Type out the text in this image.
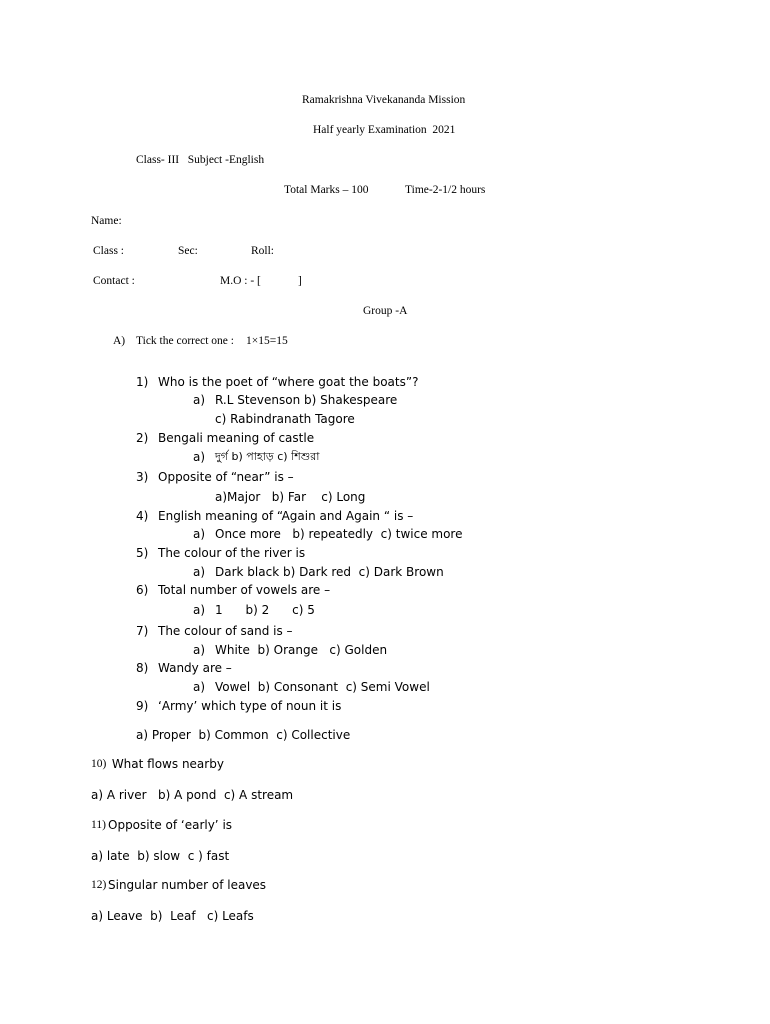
Ramakrishna Vivekananda Mission
Half yearly Examination  2021
Class- III   Subject -English
Total Marks – 100	Time-2-1/2 hours
Name:
Class :	Sec:	Roll:
Contact :	M.O : - [	]
Group -A
A) Tick the correct one : 1×15=15
1) Who is the poet of “where goat the boats”?
a) R.L Stevenson b) Shakespeare
c) Rabindranath Tagore
2) Bengali meaning of castle
a) দুর্গ b) পাহাড় c) শিশুরা
3) Opposite of “near” is –
a)Major   b) Far    c) Long
4) English meaning of “Again and Again “ is –
a) Once more   b) repeatedly  c) twice more
5) The colour of the river is
a) Dark black b) Dark red  c) Dark Brown
6) Total number of vowels are –
a) 1      b) 2      c) 5
7) The colour of sand is –
a) White  b) Orange   c) Golden
8) Wandy are –
a) Vowel  b) Consonant  c) Semi Vowel
9) ‘Army’ which type of noun it is
a) Proper  b) Common  c) Collective
10) What flows nearby
a) A river   b) A pond  c) A stream
11) Opposite of ‘early’ is
a) late  b) slow  c ) fast
12) Singular number of leaves
a) Leave  b)  Leaf   c) Leafs
